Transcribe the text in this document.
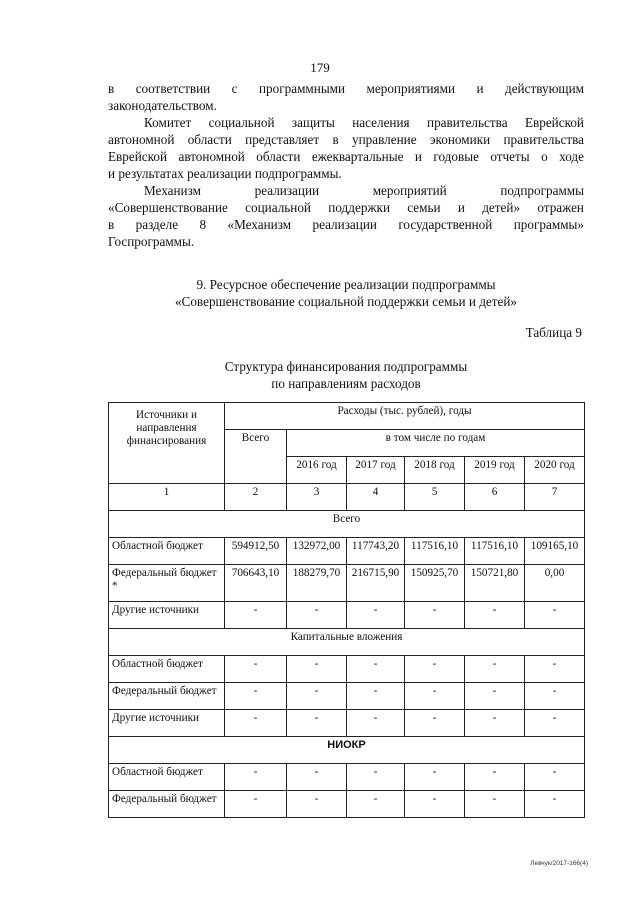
179
в соответствии с программными мероприятиями и действующим
законодательством.
Комитет социальной защиты населения правительства Еврейской
автономной области представляет в управление экономики правительства
Еврейской автономной области ежеквартальные и годовые отчеты о ходе
и результатах реализации подпрограммы.
Механизм реализации мероприятий подпрограммы
«Совершенствование социальной поддержки семьи и детей» отражен
в разделе 8 «Механизм реализации государственной программы»
Госпрограммы.
9. Ресурсное обеспечение реализации подпрограммы
«Совершенствование социальной поддержки семьи и детей»
Таблица 9
Структура финансирования подпрограммы
по направлениям расходов
Источники и направления финансирования	Расходы (тыс. рублей), годы					
	Всего	в том числе по годам				
		2016 год	2017 год	2018 год	2019 год	2020 год
1	2	3	4	5	6	7
Всего						
Областной бюджет	594912,50	132972,00	117743,20	117516,10	117516,10	109165,10
Федеральный бюджет *	706643,10	188279,70	216715,90	150925,70	150721,80	0,00
Другие источники	-	-	-	-	-	-
Капитальные вложения						
Областной бюджет	-	-	-	-	-	-
Федеральный бюджет	-	-	-	-	-	-
Другие источники	-	-	-	-	-	-
НИОКР						
Областной бюджет	-	-	-	-	-	-
Федеральный бюджет	-	-	-	-	-	-
Левчук/2017-166(4)
